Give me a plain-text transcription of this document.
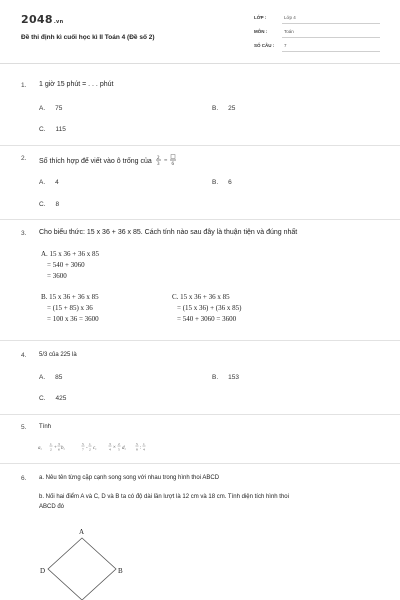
2048.vn
Đề thi định kì cuối học kì II Toán 4 (Đề số 2)
LỚP :	Lớp 4
MÔN :	Toán
SỐ CÂU : 7
1. 1 giờ 15 phút = . . . phút
A. 75	B. 25
C. 115
2. Số thích hợp để viết vào ô trống của 2
3
=
6
A. 4	B. 6
C. 8
3. Cho biểu thức: 15 x 36 + 36 x 85. Cách tính nào sau đây là thuận tiện và đúng nhất
A. 15 x 36 + 36 x 85
= 540 + 3060
= 3600
B. 15 x 36 + 36 x 85
= (15 + 85) x 36
= 100 x 36 = 3600
C. 15 x 36 + 36 x 85
= (15 x 36) + (36 x 85)
= 540 + 3060 = 3600
4. 5/3 của 225 là
A. 85	B. 153
C. 425
5. Tính
a,
1
2 +
3
6 b,
5
7 -
1
2 c,
3
4 ×
2
5 d,
5
8 :
1
4
6. a. Nêu tên từng cặp cạnh song song với nhau trong hình thoi ABCD
b. Nối hai điểm A và C, D và B ta có độ dài lần lượt là 12 cm và 18 cm. Tính diện tích hình thoi
ABCD đó
A
B
D
